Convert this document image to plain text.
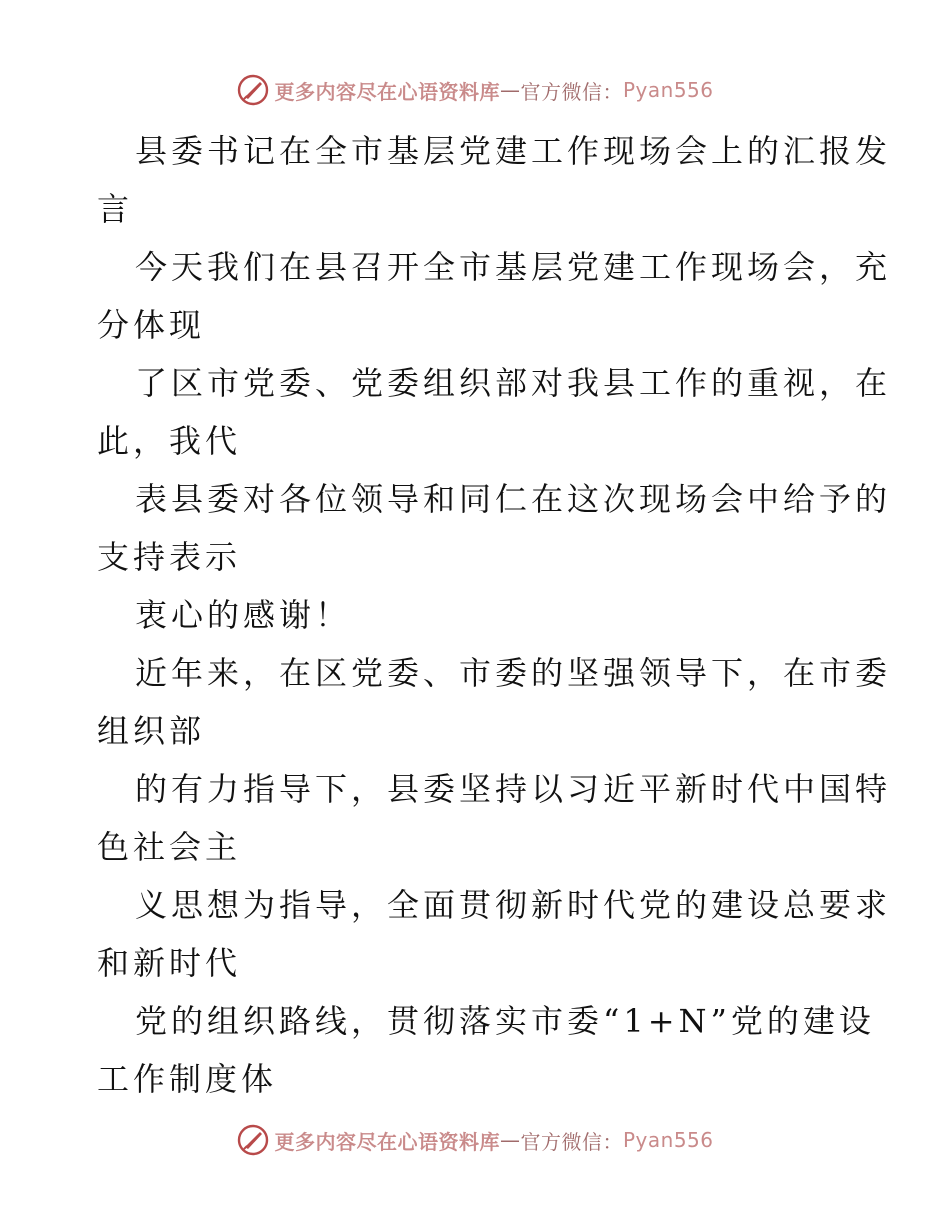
更多内容尽在心语资料库 — 官方微信： Pyan556
县委书记在全市基层党建工作现场会上的汇报发
言
今天我们在县召开全市基层党建工作现场会，充
分体现
了区市党委、党委组织部对我县工作的重视，在
此，我代
表县委对各位领导和同仁在这次现场会中给予的
支持表示
衷心的感谢！
近年来，在区党委、市委的坚强领导下，在市委
组织部
的有力指导下，县委坚持以习近平新时代中国特
色社会主
义思想为指导，全面贯彻新时代党的建设总要求
和新时代
党的组织路线，贯彻落实市委“1+N”党的建设
工作制度体
更多内容尽在心语资料库 — 官方微信： Pyan556
